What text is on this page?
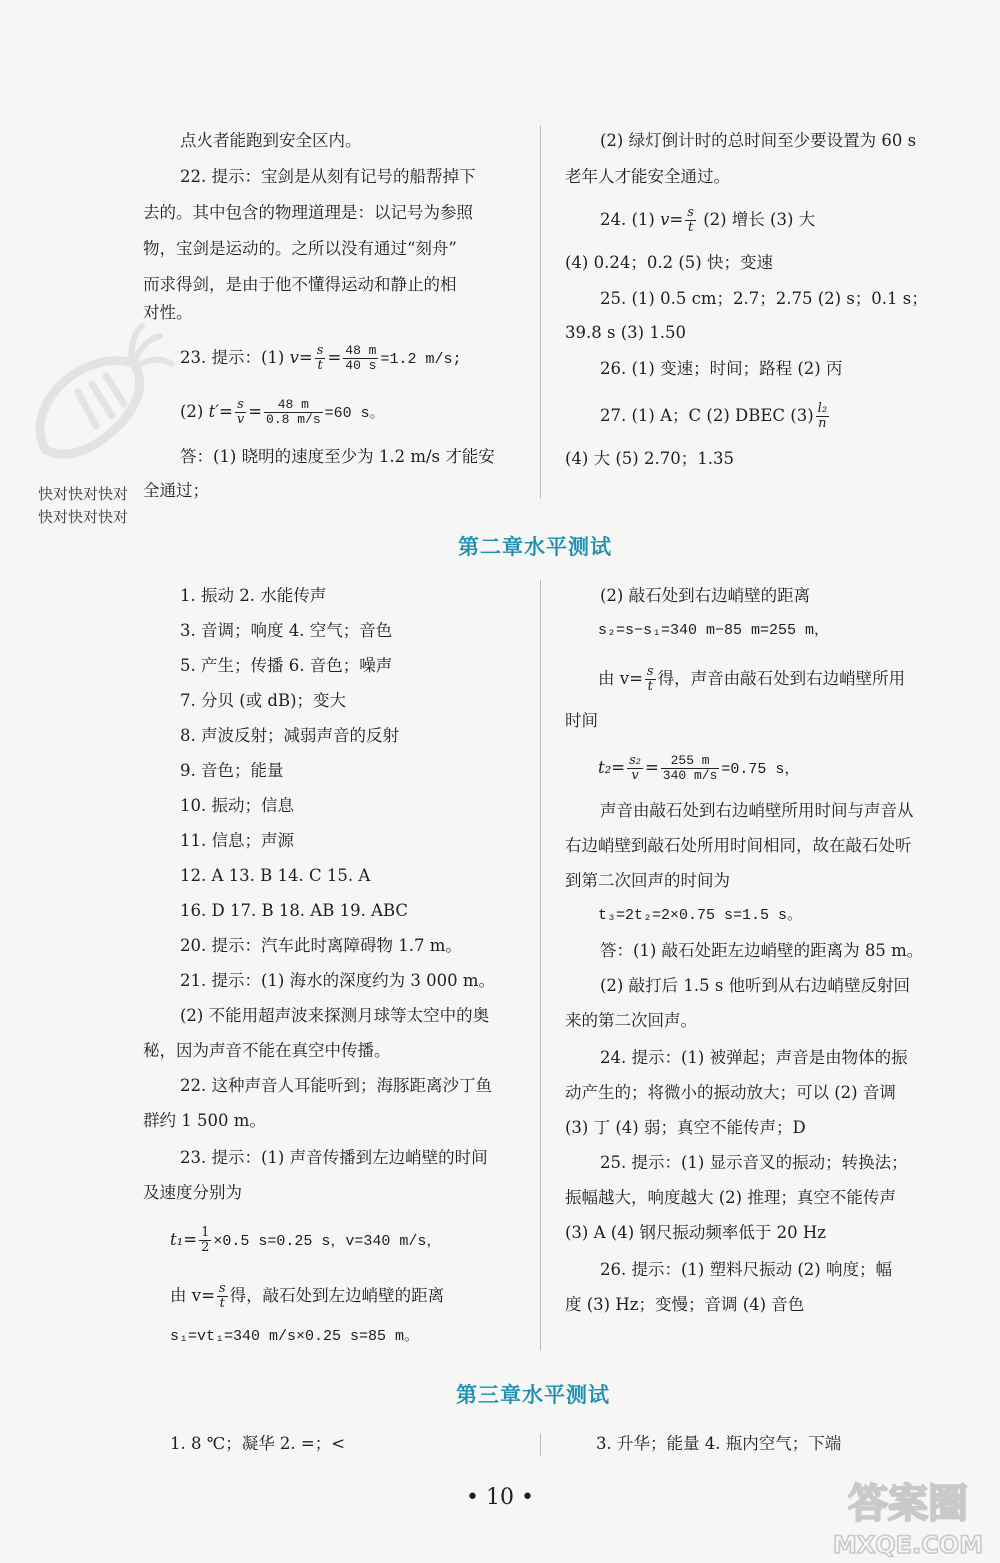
点火者能跑到安全区内。
22. 提示：宝剑是从刻有记号的船帮掉下
去的。其中包含的物理道理是：以记号为参照
物，宝剑是运动的。之所以没有通过“刻舟”
而求得剑，是由于他不懂得运动和静止的相
对性。
23. 提示：(1) $v= \frac{s}{t} = \frac{48 m}{40 s} =1.2$ m/s;
(2) $t'= \frac{s}{v} = \frac{48 m}{0.8 m/s} =60$ s。
答：(1) 晓明的速度至少为 1.2 m/s 才能安
全通过；
快对快对快对
快对快对快对
(2) 绿灯倒计时的总时间至少要设置为 60 s
老年人才能安全通过。
24. (1) $v= \frac{s}{t} (2)$ 增长 (3) 大
(4) 0.24；0.2 (5) 快；变速
25. (1) 0.5 cm；2.7；2.75 (2) s；0.1 s；
39.8 s (3) 1.50
26. (1) 变速；时间；路程 (2) 丙
27. (1) A；C (2) DBEC $(3) \frac{\text{l₂}}{n}$
(4) 大 (5) 2.70；1.35
第二章水平测试
1. 振动 2. 水能传声
3. 音调；响度 4. 空气；音色
5. 产生；传播 6. 音色；噪声
7. 分贝 (或 dB)；变大
8. 声波反射；减弱声音的反射
9. 音色；能量
10. 振动；信息
11. 信息；声源
12. A 13. B 14. C 15. A
16. D 17. B 18. AB 19. ABC
20. 提示：汽车此时离障碍物 1.7 m。
21. 提示：(1) 海水的深度约为 3 000 m。
(2) 不能用超声波来探测月球等太空中的奥
秘，因为声音不能在真空中传播。
22. 这种声音人耳能听到；海豚距离沙丁鱼
群约 1 500 m。
23. 提示：(1) 声音传播到左边峭壁的时间
及速度分别为
$t_1= \frac{1}{2} \times 0.5$ s=0.25 s，v=340 m/s，
由 $v= \frac{s}{t}$ 得，敲石处到左边峭壁的距离
s₁=vt₁=340 m/s×0.25 s=85 m。
(2) 敲石处到右边峭壁的距离
s₂=s−s₁=340 m−85 m=255 m，
由 $v= \frac{s}{t}$ 得，声音由敲石处到右边峭壁所用
时间
$t_2= \frac{\text{s₂}}{v} = \frac{255 m}{340 m/s} =0.75$ s，
声音由敲石处到右边峭壁所用时间与声音从
右边峭壁到敲石处所用时间相同，故在敲石处听
到第二次回声的时间为
t₃=2t₂=2×0.75 s=1.5 s。
答：(1) 敲石处距左边峭壁的距离为 85 m。
(2) 敲打后 1.5 s 他听到从右边峭壁反射回
来的第二次回声。
24. 提示：(1) 被弹起；声音是由物体的振
动产生的；将微小的振动放大；可以 (2) 音调
(3) 丁 (4) 弱；真空不能传声；D
25. 提示：(1) 显示音叉的振动；转换法；
振幅越大，响度越大 (2) 推理；真空不能传声
(3) A (4) 钢尺振动频率低于 20 Hz
26. 提示：(1) 塑料尺振动 (2) 响度；幅
度 (3) Hz；变慢；音调 (4) 音色
第三章水平测试
1. 8 ℃；凝华 2. =；<	3. 升华；能量 4. 瓶内空气；下端
• 10 •	答案圈
MXQE.COM
